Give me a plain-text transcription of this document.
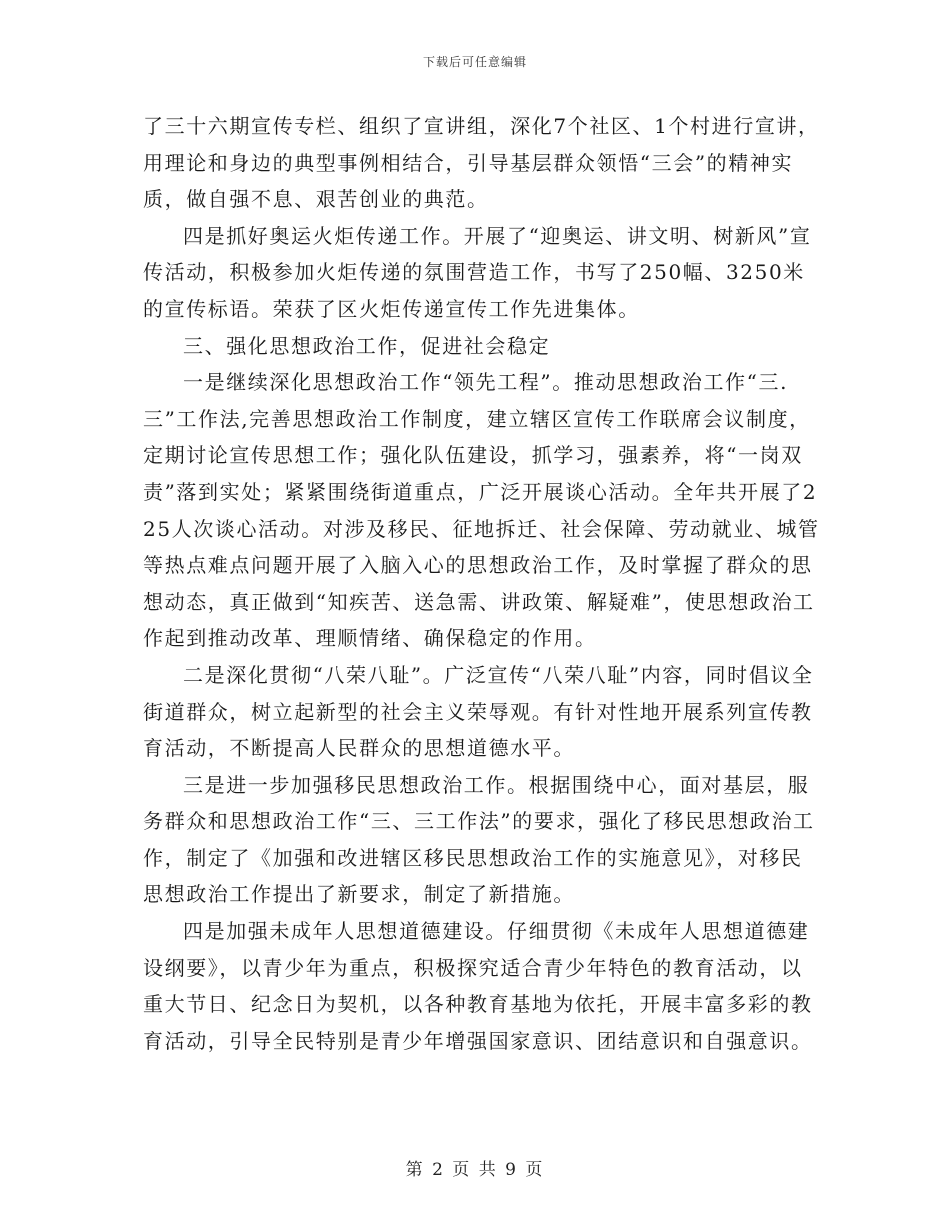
下载后可任意编辑

了三十六期宣传专栏、组织了宣讲组，深化7个社区、1个村进行宣讲，用理论和身边的典型事例相结合，引导基层群众领悟“三会”的精神实质，做自强不息、艰苦创业的典范。

四是抓好奥运火炬传递工作。开展了“迎奥运、讲文明、树新风”宣传活动，积极参加火炬传递的氛围营造工作，书写了250幅、3250米的宣传标语。荣获了区火炬传递宣传工作先进集体。

三、强化思想政治工作，促进社会稳定

一是继续深化思想政治工作“领先工程”。推动思想政治工作“三.三”工作法,完善思想政治工作制度，建立辖区宣传工作联席会议制度，定期讨论宣传思想工作；强化队伍建设，抓学习，强素养，将“一岗双责”落到实处；紧紧围绕街道重点，广泛开展谈心活动。全年共开展了225人次谈心活动。对涉及移民、征地拆迁、社会保障、劳动就业、城管等热点难点问题开展了入脑入心的思想政治工作，及时掌握了群众的思想动态，真正做到“知疾苦、送急需、讲政策、解疑难”，使思想政治工作起到推动改革、理顺情绪、确保稳定的作用。

二是深化贯彻“八荣八耻”。广泛宣传“八荣八耻”内容，同时倡议全街道群众，树立起新型的社会主义荣辱观。有针对性地开展系列宣传教育活动，不断提高人民群众的思想道德水平。

三是进一步加强移民思想政治工作。根据围绕中心，面对基层，服务群众和思想政治工作“三、三工作法”的要求，强化了移民思想政治工作，制定了《加强和改进辖区移民思想政治工作的实施意见》，对移民思想政治工作提出了新要求，制定了新措施。

四是加强未成年人思想道德建设。仔细贯彻《未成年人思想道德建设纲要》，以青少年为重点，积极探究适合青少年特色的教育活动，以重大节日、纪念日为契机，以各种教育基地为依托，开展丰富多彩的教育活动，引导全民特别是青少年增强国家意识、团结意识和自强意识。

第 2 页 共 9 页
